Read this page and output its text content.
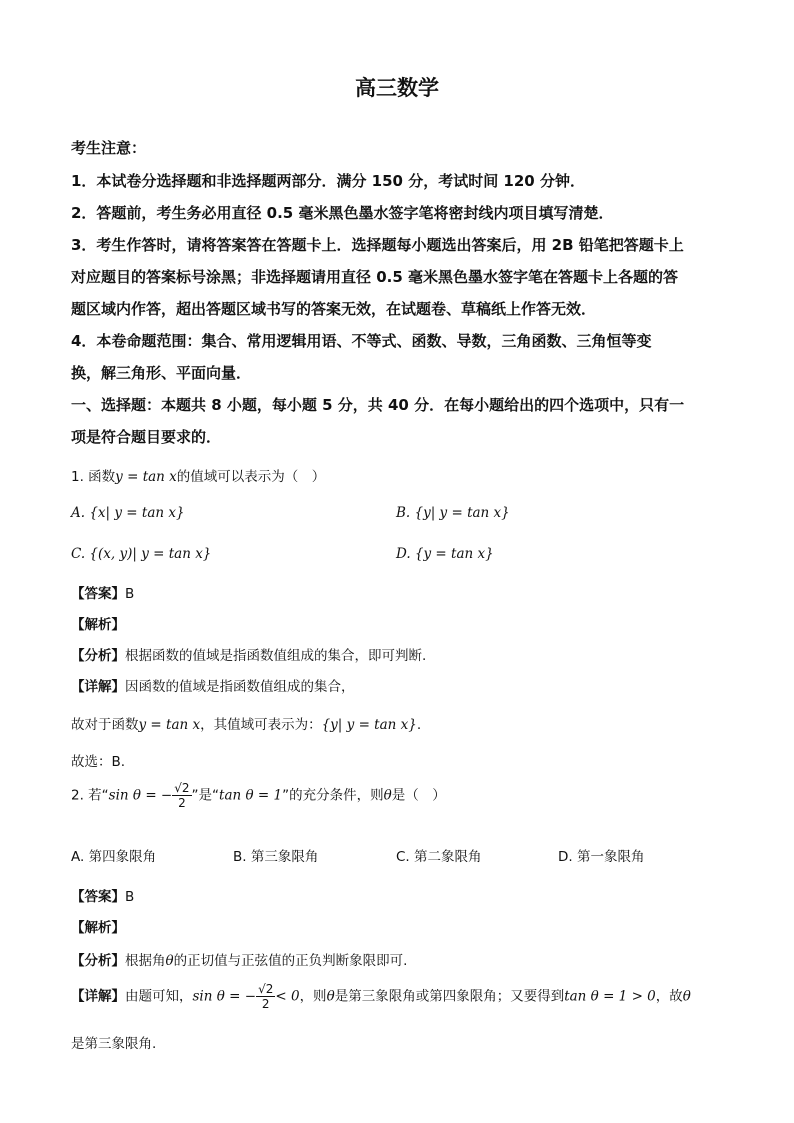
高三数学
考生注意：
1．本试卷分选择题和非选择题两部分．满分 150 分，考试时间 120 分钟．
2．答题前，考生务必用直径 0.5 毫米黑色墨水签字笔将密封线内项目填写清楚．
3．考生作答时，请将答案答在答题卡上．选择题每小题选出答案后，用 2B 铅笔把答题卡上
对应题目的答案标号涂黑；非选择题请用直径 0.5 毫米黑色墨水签字笔在答题卡上各题的答
题区域内作答，超出答题区域书写的答案无效，在试题卷、草稿纸上作答无效．
4．本卷命题范围：集合、常用逻辑用语、不等式、函数、导数，三角函数、三角恒等变
换，解三角形、平面向量．
一、选择题：本题共 8 小题，每小题 5 分，共 40 分．在每小题给出的四个选项中，只有一
项是符合题目要求的．
1. 函数y = tan x的值域可以表示为（　）
A. {x| y = tan x}	B. {y| y = tan x}
C. {(x, y)| y = tan x}	D. {y = tan x}
【答案】B
【解析】
【分析】根据函数的值域是指函数值组成的集合，即可判断.
【详解】因函数的值域是指函数值组成的集合，
故对于函数y = tan x，其值域可表示为：{y| y = tan x}.
故选：B.
2. 若“sin θ = − $\frac{√2}{2}$ ”是“tan θ = 1”的充分条件，则θ是（　）
A. 第四象限角	B. 第三象限角	C. 第二象限角	D. 第一象限角
【答案】B
【解析】
【分析】根据角θ的正切值与正弦值的正负判断象限即可.
【详解】由题可知，sin θ = − $\frac{√2}{2} < 0$，则θ是第三象限角或第四象限角；又要得到tan θ = 1 > 0，故θ
是第三象限角.
